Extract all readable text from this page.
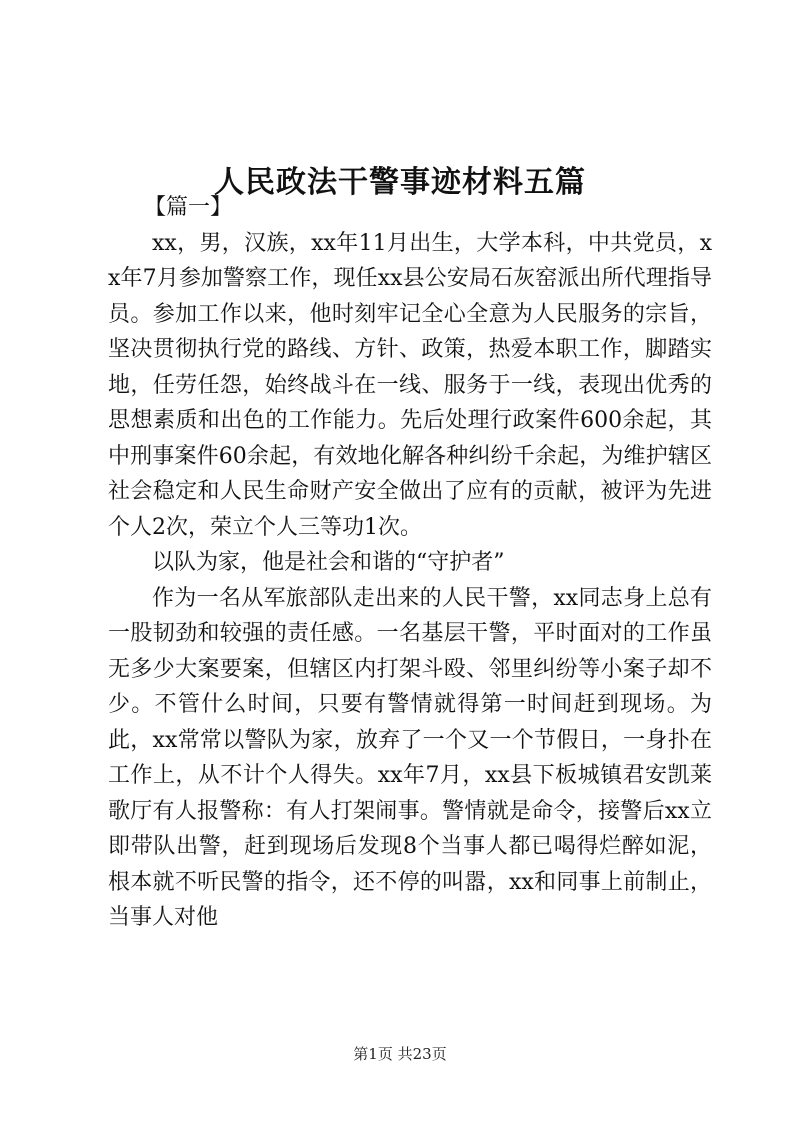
人民政法干警事迹材料五篇

【篇一】

xx，男，汉族，xx年11月出生，大学本科，中共党员，xx年7月参加警察工作，现任xx县公安局石灰窑派出所代理指导员。参加工作以来，他时刻牢记全心全意为人民服务的宗旨，坚决贯彻执行党的路线、方针、政策，热爱本职工作，脚踏实地，任劳任怨，始终战斗在一线、服务于一线，表现出优秀的思想素质和出色的工作能力。先后处理行政案件600余起，其中刑事案件60余起，有效地化解各种纠纷千余起，为维护辖区社会稳定和人民生命财产安全做出了应有的贡献，被评为先进个人2次，荣立个人三等功1次。

以队为家，他是社会和谐的“守护者”

作为一名从军旅部队走出来的人民干警，xx同志身上总有一股韧劲和较强的责任感。一名基层干警，平时面对的工作虽无多少大案要案，但辖区内打架斗殴、邻里纠纷等小案子却不少。不管什么时间，只要有警情就得第一时间赶到现场。为此，xx常常以警队为家，放弃了一个又一个节假日，一身扑在工作上，从不计个人得失。xx年7月，xx县下板城镇君安凯莱歌厅有人报警称：有人打架闹事。警情就是命令，接警后xx立即带队出警，赶到现场后发现8个当事人都已喝得烂醉如泥，根本就不听民警的指令，还不停的叫嚣，xx和同事上前制止，当事人对他

第1页 共23页
